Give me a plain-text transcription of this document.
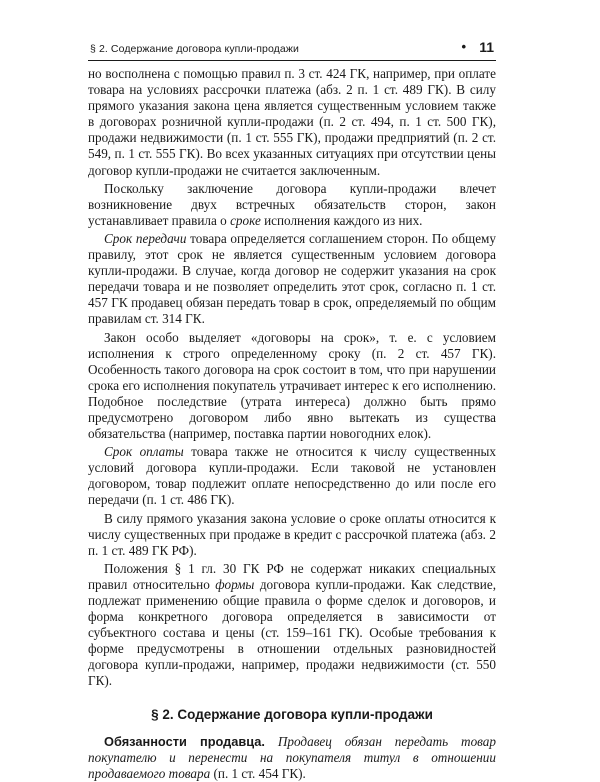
§ 2. Содержание договора купли-продажи	• 11

но восполнена с помощью правил п. 3 ст. 424 ГК, например, при оплате товара на условиях рассрочки платежа (абз. 2 п. 1 ст. 489 ГК). В силу прямого указания закона цена является существенным условием также в договорах розничной купли-продажи (п. 2 ст. 494, п. 1 ст. 500 ГК), продажи недвижимости (п. 1 ст. 555 ГК), продажи предприятий (п. 2 ст. 549, п. 1 ст. 555 ГК). Во всех указанных ситуациях при отсутствии цены договор купли-продажи не считается заключенным.

Поскольку заключение договора купли-продажи влечет возникновение двух встречных обязательств сторон, закон устанавливает правила о сроке исполнения каждого из них.

Срок передачи товара определяется соглашением сторон. По общему правилу, этот срок не является существенным условием договора купли-продажи. В случае, когда договор не содержит указания на срок передачи товара и не позволяет определить этот срок, согласно п. 1 ст. 457 ГК продавец обязан передать товар в срок, определяемый по общим правилам ст. 314 ГК.

Закон особо выделяет «договоры на срок», т. е. с условием исполнения к строго определенному сроку (п. 2 ст. 457 ГК). Особенность такого договора на срок состоит в том, что при нарушении срока его исполнения покупатель утрачивает интерес к его исполнению. Подобное последствие (утрата интереса) должно быть прямо предусмотрено договором либо явно вытекать из существа обязательства (например, поставка партии новогодних елок).

Срок оплаты товара также не относится к числу существенных условий договора купли-продажи. Если таковой не установлен договором, товар подлежит оплате непосредственно до или после его передачи (п. 1 ст. 486 ГК).

В силу прямого указания закона условие о сроке оплаты относится к числу существенных при продаже в кредит с рассрочкой платежа (абз. 2 п. 1 ст. 489 ГК РФ).

Положения § 1 гл. 30 ГК РФ не содержат никаких специальных правил относительно формы договора купли-продажи. Как следствие, подлежат применению общие правила о форме сделок и договоров, и форма конкретного договора определяется в зависимости от субъектного состава и цены (ст. 159–161 ГК). Особые требования к форме предусмотрены в отношении отдельных разновидностей договора купли-продажи, например, продажи недвижимости (ст. 550 ГК).

§ 2. Содержание договора купли-продажи

Обязанности продавца. Продавец обязан передать товар покупателю и перенести на покупателя титул в отношении продаваемого товара (п. 1 ст. 454 ГК).
